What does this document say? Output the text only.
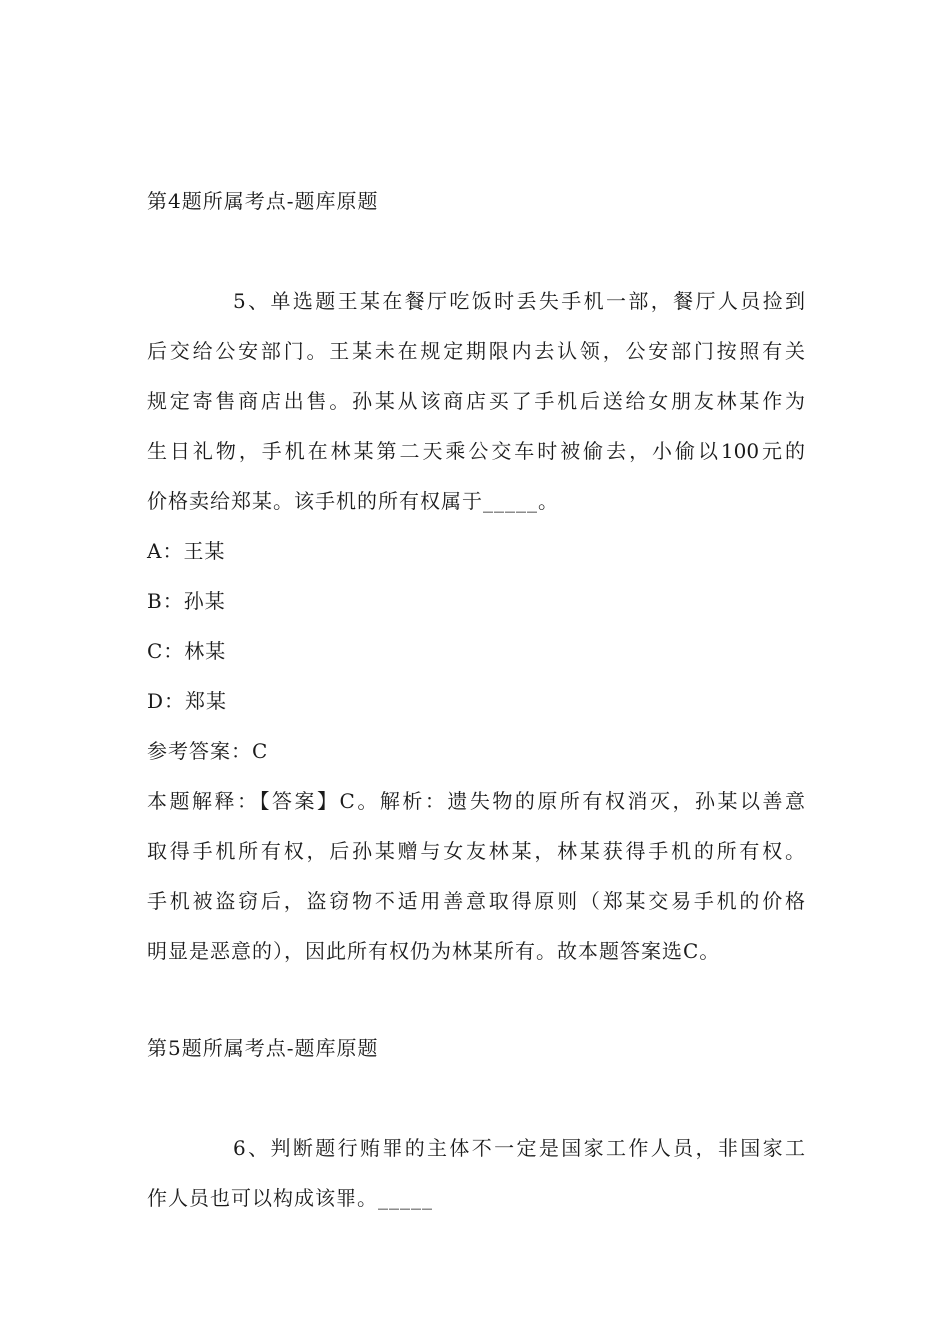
第4题所属考点-题库原题
5、单选题王某在餐厅吃饭时丢失手机一部，餐厅人员捡到
后交给公安部门。王某未在规定期限内去认领，公安部门按照有关
规定寄售商店出售。孙某从该商店买了手机后送给女朋友林某作为
生日礼物，手机在林某第二天乘公交车时被偷去，小偷以100元的
价格卖给郑某。该手机的所有权属于_____。
A：王某
B：孙某
C：林某
D：郑某
参考答案：C
本题解释：【答案】C。解析：遗失物的原所有权消灭，孙某以善意
取得手机所有权，后孙某赠与女友林某，林某获得手机的所有权。
手机被盗窃后，盗窃物不适用善意取得原则（郑某交易手机的价格
明显是恶意的），因此所有权仍为林某所有。故本题答案选C。
第5题所属考点-题库原题
6、判断题行贿罪的主体不一定是国家工作人员，非国家工
作人员也可以构成该罪。_____
